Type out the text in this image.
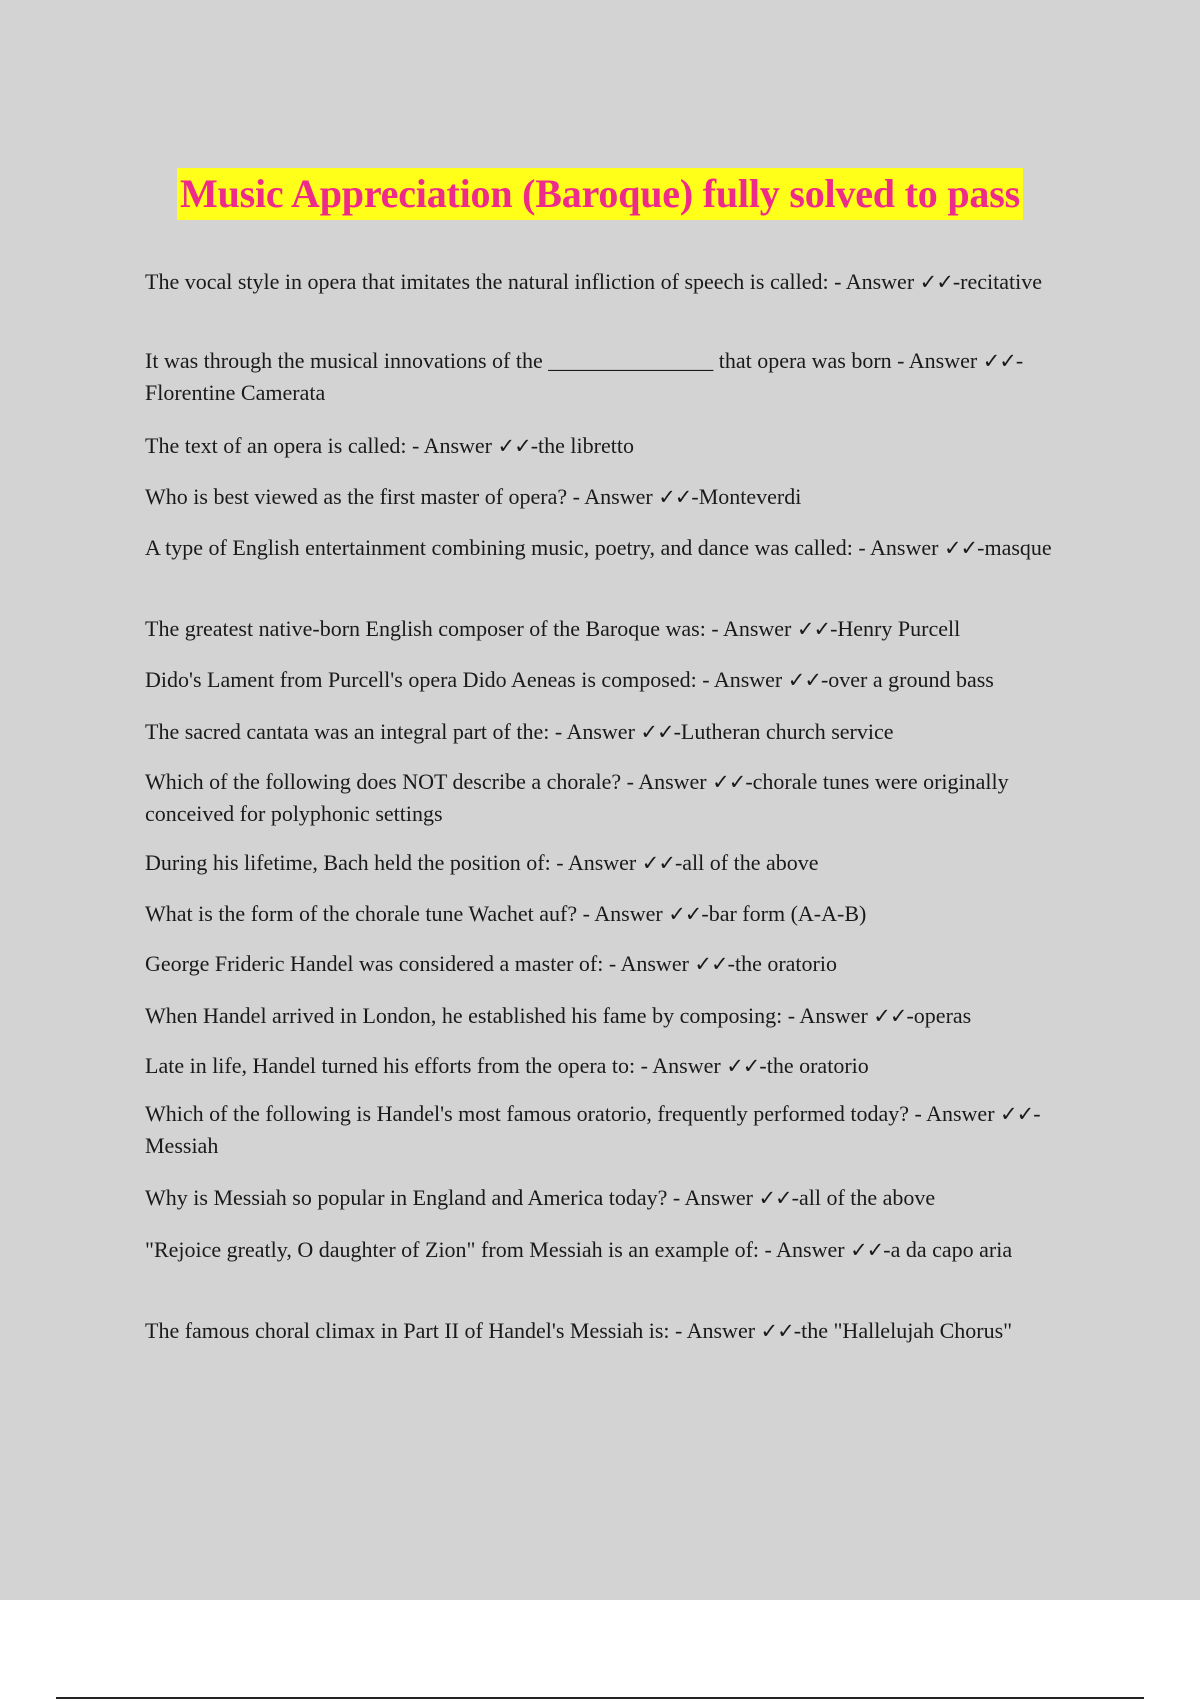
Music Appreciation (Baroque) fully solved to pass
The vocal style in opera that imitates the natural infliction of speech is called: - Answer ✓✓-recitative
It was through the musical innovations of the _______________ that opera was born - Answer ✓✓-Florentine Camerata
The text of an opera is called: - Answer ✓✓-the libretto
Who is best viewed as the first master of opera? - Answer ✓✓-Monteverdi
A type of English entertainment combining music, poetry, and dance was called: - Answer ✓✓-masque
The greatest native-born English composer of the Baroque was: - Answer ✓✓-Henry Purcell
Dido's Lament from Purcell's opera Dido Aeneas is composed: - Answer ✓✓-over a ground bass
The sacred cantata was an integral part of the: - Answer ✓✓-Lutheran church service
Which of the following does NOT describe a chorale? - Answer ✓✓-chorale tunes were originally conceived for polyphonic settings
During his lifetime, Bach held the position of: - Answer ✓✓-all of the above
What is the form of the chorale tune Wachet auf? - Answer ✓✓-bar form (A-A-B)
George Frideric Handel was considered a master of: - Answer ✓✓-the oratorio
When Handel arrived in London, he established his fame by composing: - Answer ✓✓-operas
Late in life, Handel turned his efforts from the opera to: - Answer ✓✓-the oratorio
Which of the following is Handel's most famous oratorio, frequently performed today? - Answer ✓✓-Messiah
Why is Messiah so popular in England and America today? - Answer ✓✓-all of the above
"Rejoice greatly, O daughter of Zion" from Messiah is an example of: - Answer ✓✓-a da capo aria
The famous choral climax in Part II of Handel's Messiah is: - Answer ✓✓-the "Hallelujah Chorus"
